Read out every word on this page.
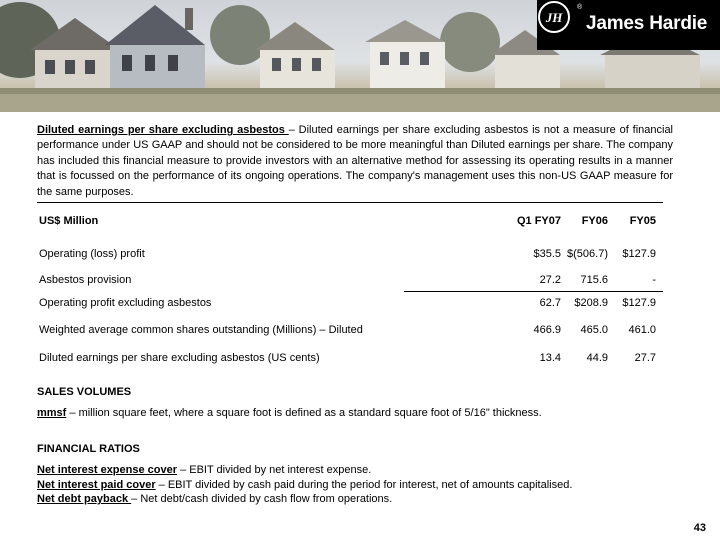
JH
®
James Hardie
Diluted earnings per share excluding asbestos – Diluted earnings per share excluding asbestos is not a measure of financial performance under US GAAP and should not be considered to be more meaningful than Diluted earnings per share. The company has included this financial measure to provide investors with an alternative method for assessing its operating results in a manner that is focussed on the performance of its ongoing operations. The company's management uses this non-US GAAP measure for the same purposes.
US$ Million	Q1 FY07 FY06 FY05
Operating (loss) profit	$35.5 $(506.7) $127.9
Asbestos provision	27.2 715.6	-
Operating profit excluding asbestos	62.7 $208.9 $127.9
Weighted average common shares outstanding (Millions) – Diluted	466.9 465.0 461.0
Diluted earnings per share excluding asbestos (US cents)	13.4 44.9 27.7
SALES VOLUMES
mmsf – million square feet, where a square foot is defined as a standard square foot of 5/16" thickness.
FINANCIAL RATIOS
Net interest expense cover – EBIT divided by net interest expense.
Net interest paid cover – EBIT divided by cash paid during the period for interest, net of amounts capitalised.
Net debt payback – Net debt/cash divided by cash flow from operations.
43
